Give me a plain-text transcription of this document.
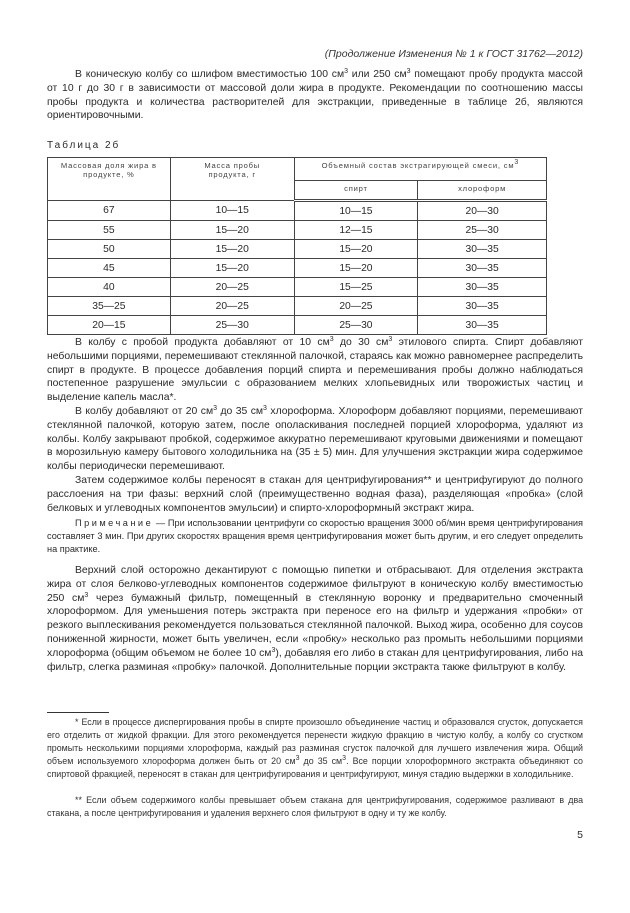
(Продолжение Изменения № 1 к ГОСТ 31762—2012)

В коническую колбу со шлифом вместимостью 100 $см^3$ или 250 $см^3$ помещают пробу продукта массой от 10 г до 30 г в зависимости от массовой доли жира в продукте. Рекомендации по соотношению массы пробы продукта и количества растворителей для экстракции, приведенные в таблице 2б, являются ориентировочными.

Таблица 2б
Массовая доля жира в продукте, %	Масса пробы продукта, г	Объемный состав экстрагирующей смеси, $см^3$
		спирт	хлороформ
67	10—15	10—15	20—30
55	15—20	12—15	25—30
50	15—20	15—20	30—35
45	15—20	15—20	30—35
40	20—25	15—25	30—35
35—25	20—25	20—25	30—35
20—15	25—30	25—30	30—35

В колбу с пробой продукта добавляют от 10 $см^3$ до 30 $см^3$ этилового спирта. Спирт добавляют небольшими порциями, перемешивают стеклянной палочкой, стараясь как можно равномернее распределить спирт в продукте. В процессе добавления порций спирта и перемешивания пробы должно наблюдаться постепенное разрушение эмульсии с образованием мелких хлопьевидных или творожистых частиц и выделение капель масла*.

В колбу добавляют от 20 $см^3$ до 35 $см^3$ хлороформа. Хлороформ добавляют порциями, перемешивают стеклянной палочкой, которую затем, после ополаскивания последней порцией хлороформа, удаляют из колбы. Колбу закрывают пробкой, содержимое аккуратно перемешивают круговыми движениями и помещают в морозильную камеру бытового холодильника на (35 ± 5) мин. Для улучшения экстракции жира содержимое колбы периодически перемешивают.

Затем содержимое колбы переносят в стакан для центрифугирования** и центрифугируют до полного расслоения на три фазы: верхний слой (преимущественно водная фаза), разделяющая «пробка» (слой белковых и углеводных компонентов эмульсии) и спирто-хлороформный экстракт жира.

Примечание — При использовании центрифуги со скоростью вращения 3000 об/мин время центрифугирования составляет 3 мин. При других скоростях вращения время центрифугирования может быть другим, и его следует определить на практике.

Верхний слой осторожно декантируют с помощью пипетки и отбрасывают. Для отделения экстракта жира от слоя белково-углеводных компонентов содержимое фильтруют в коническую колбу вместимостью 250 $см^3$ через бумажный фильтр, помещенный в стеклянную воронку и предварительно смоченный хлороформом. Для уменьшения потерь экстракта при переносе его на фильтр и удержания «пробки» от резкого выплескивания рекомендуется пользоваться стеклянной палочкой. Выход жира, особенно для соусов пониженной жирности, может быть увеличен, если «пробку» несколько раз промыть небольшими порциями хлороформа (общим объемом не более 10 $см^3$), добавляя его либо в стакан для центрифугирования, либо на фильтр, слегка разминая «пробку» палочкой. Дополнительные порции экстракта также фильтруют в колбу.

* Если в процессе диспергирования пробы в спирте произошло объединение частиц и образовался сгусток, допускается его отделить от жидкой фракции. Для этого рекомендуется перенести жидкую фракцию в чистую колбу, а колбу со сгустком промыть несколькими порциями хлороформа, каждый раз разминая сгусток палочкой для лучшего извлечения жира. Общий объем используемого хлороформа должен быть от 20 $см^3$ до 35 $см^3$. Все порции хлороформного экстракта объединяют со спиртовой фракцией, переносят в стакан для центрифугирования и центрифугируют, минуя стадию выдержки в холодильнике.

** Если объем содержимого колбы превышает объем стакана для центрифугирования, содержимое разливают в два стакана, а после центрифугирования и удаления верхнего слоя фильтруют в одну и ту же колбу.

5
